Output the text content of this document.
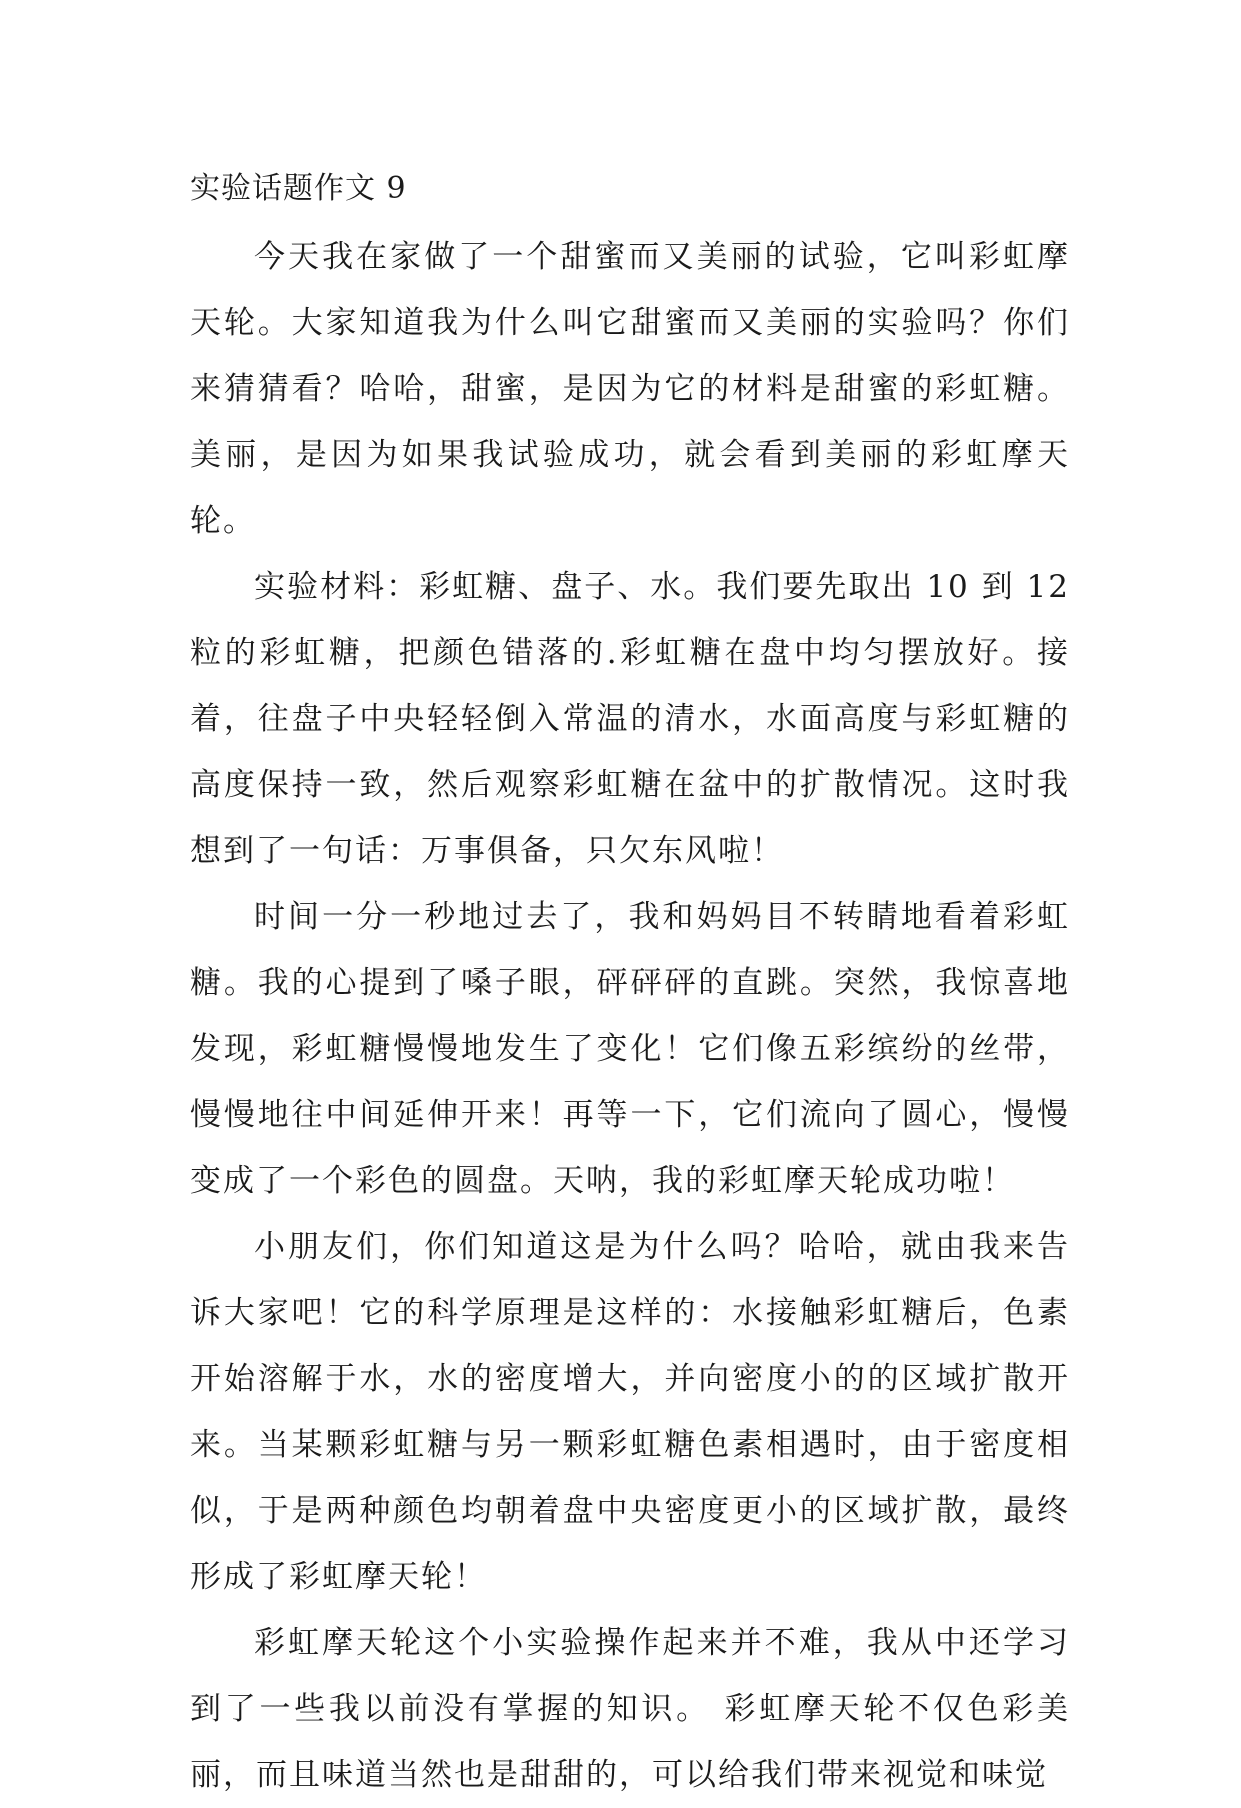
实验话题作文 9

今天我在家做了一个甜蜜而又美丽的试验，它叫彩虹摩天轮。大家知道我为什么叫它甜蜜而又美丽的实验吗？你们来猜猜看？哈哈，甜蜜，是因为它的材料是甜蜜的彩虹糖。美丽，是因为如果我试验成功，就会看到美丽的彩虹摩天轮。

实验材料：彩虹糖、盘子、水。我们要先取出 10 到 12 粒的彩虹糖，把颜色错落的.彩虹糖在盘中均匀摆放好。接着，往盘子中央轻轻倒入常温的清水，水面高度与彩虹糖的高度保持一致，然后观察彩虹糖在盆中的扩散情况。这时我想到了一句话：万事俱备，只欠东风啦！

时间一分一秒地过去了，我和妈妈目不转睛地看着彩虹糖。我的心提到了嗓子眼，砰砰砰的直跳。突然，我惊喜地发现，彩虹糖慢慢地发生了变化！它们像五彩缤纷的丝带，慢慢地往中间延伸开来！再等一下，它们流向了圆心，慢慢变成了一个彩色的圆盘。天呐，我的彩虹摩天轮成功啦！

小朋友们，你们知道这是为什么吗？哈哈，就由我来告诉大家吧！它的科学原理是这样的：水接触彩虹糖后，色素开始溶解于水，水的密度增大，并向密度小的的区域扩散开来。当某颗彩虹糖与另一颗彩虹糖色素相遇时，由于密度相似，于是两种颜色均朝着盘中央密度更小的区域扩散，最终形成了彩虹摩天轮！

彩虹摩天轮这个小实验操作起来并不难，我从中还学习到了一些我以前没有掌握的知识。 彩虹摩天轮不仅色彩美丽，而且味道当然也是甜甜的，可以给我们带来视觉和味觉
